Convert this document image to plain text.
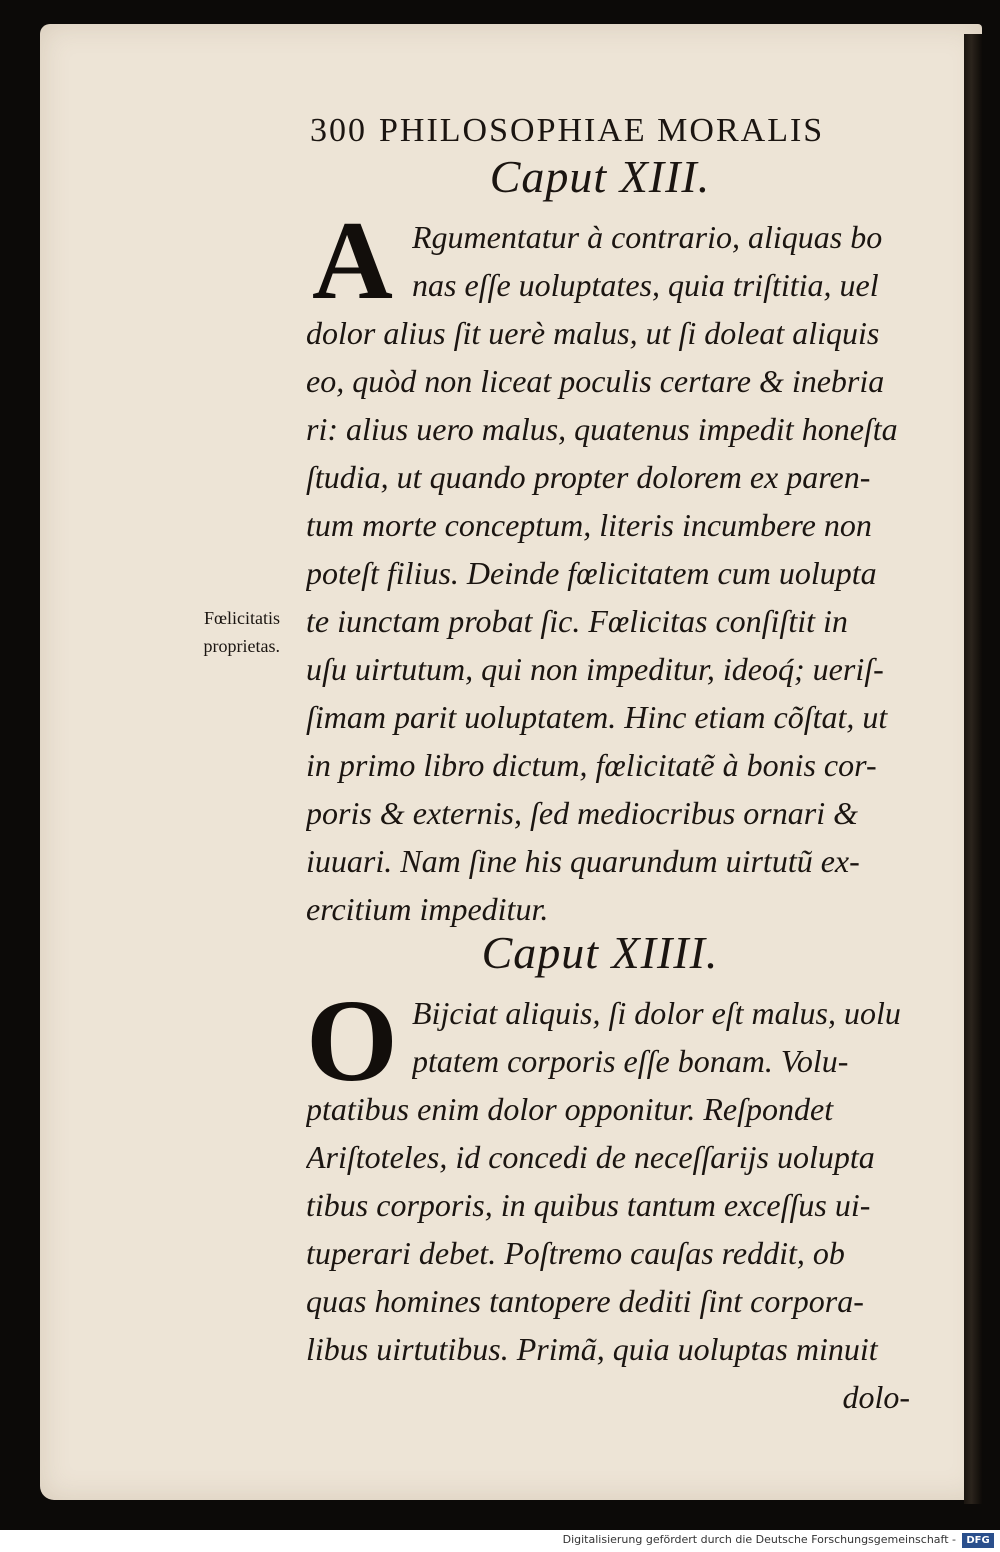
300 PHILOSOPHIAE MORALIS
Caput XIII.
A Rgumentatur à contrario, aliquas bo
nas eſſe uoluptates, quia triſtitia, uel
dolor alius ſit uerè malus, ut ſi doleat aliquis
eo, quòd non liceat poculis certare & inebria
ri: alius uero malus, quatenus impedit honeſta
ſtudia, ut quando propter dolorem ex paren-
tum morte conceptum, literis incumbere non
poteſt filius. Deinde fœlicitatem cum uolupta
te iunctam probat ſic. Fœlicitas conſiſtit in
uſu uirtutum, qui non impeditur, ideoq́; ueriſ-
ſimam parit uoluptatem. Hinc etiam cõſtat, ut
in primo libro dictum, fœlicitatẽ à bonis cor-
poris & externis, ſed mediocribus ornari &
iuuari. Nam ſine his quarundum uirtutũ ex-
ercitium impeditur.
Fœlicitatis
proprietas.
Caput XIIII.
O Bijciat aliquis, ſi dolor eſt malus, uolu
ptatem corporis eſſe bonam. Volu-
ptatibus enim dolor opponitur. Reſpondet
Ariſtoteles, id concedi de neceſſarijs uolupta
tibus corporis, in quibus tantum exceſſus ui-
tuperari debet. Poſtremo cauſas reddit, ob
quas homines tantopere dediti ſint corpora-
libus uirtutibus. Primã, quia uoluptas minuit
dolo-
Digitalisierung gefördert durch die Deutsche Forschungsgemeinschaft -	DFG
